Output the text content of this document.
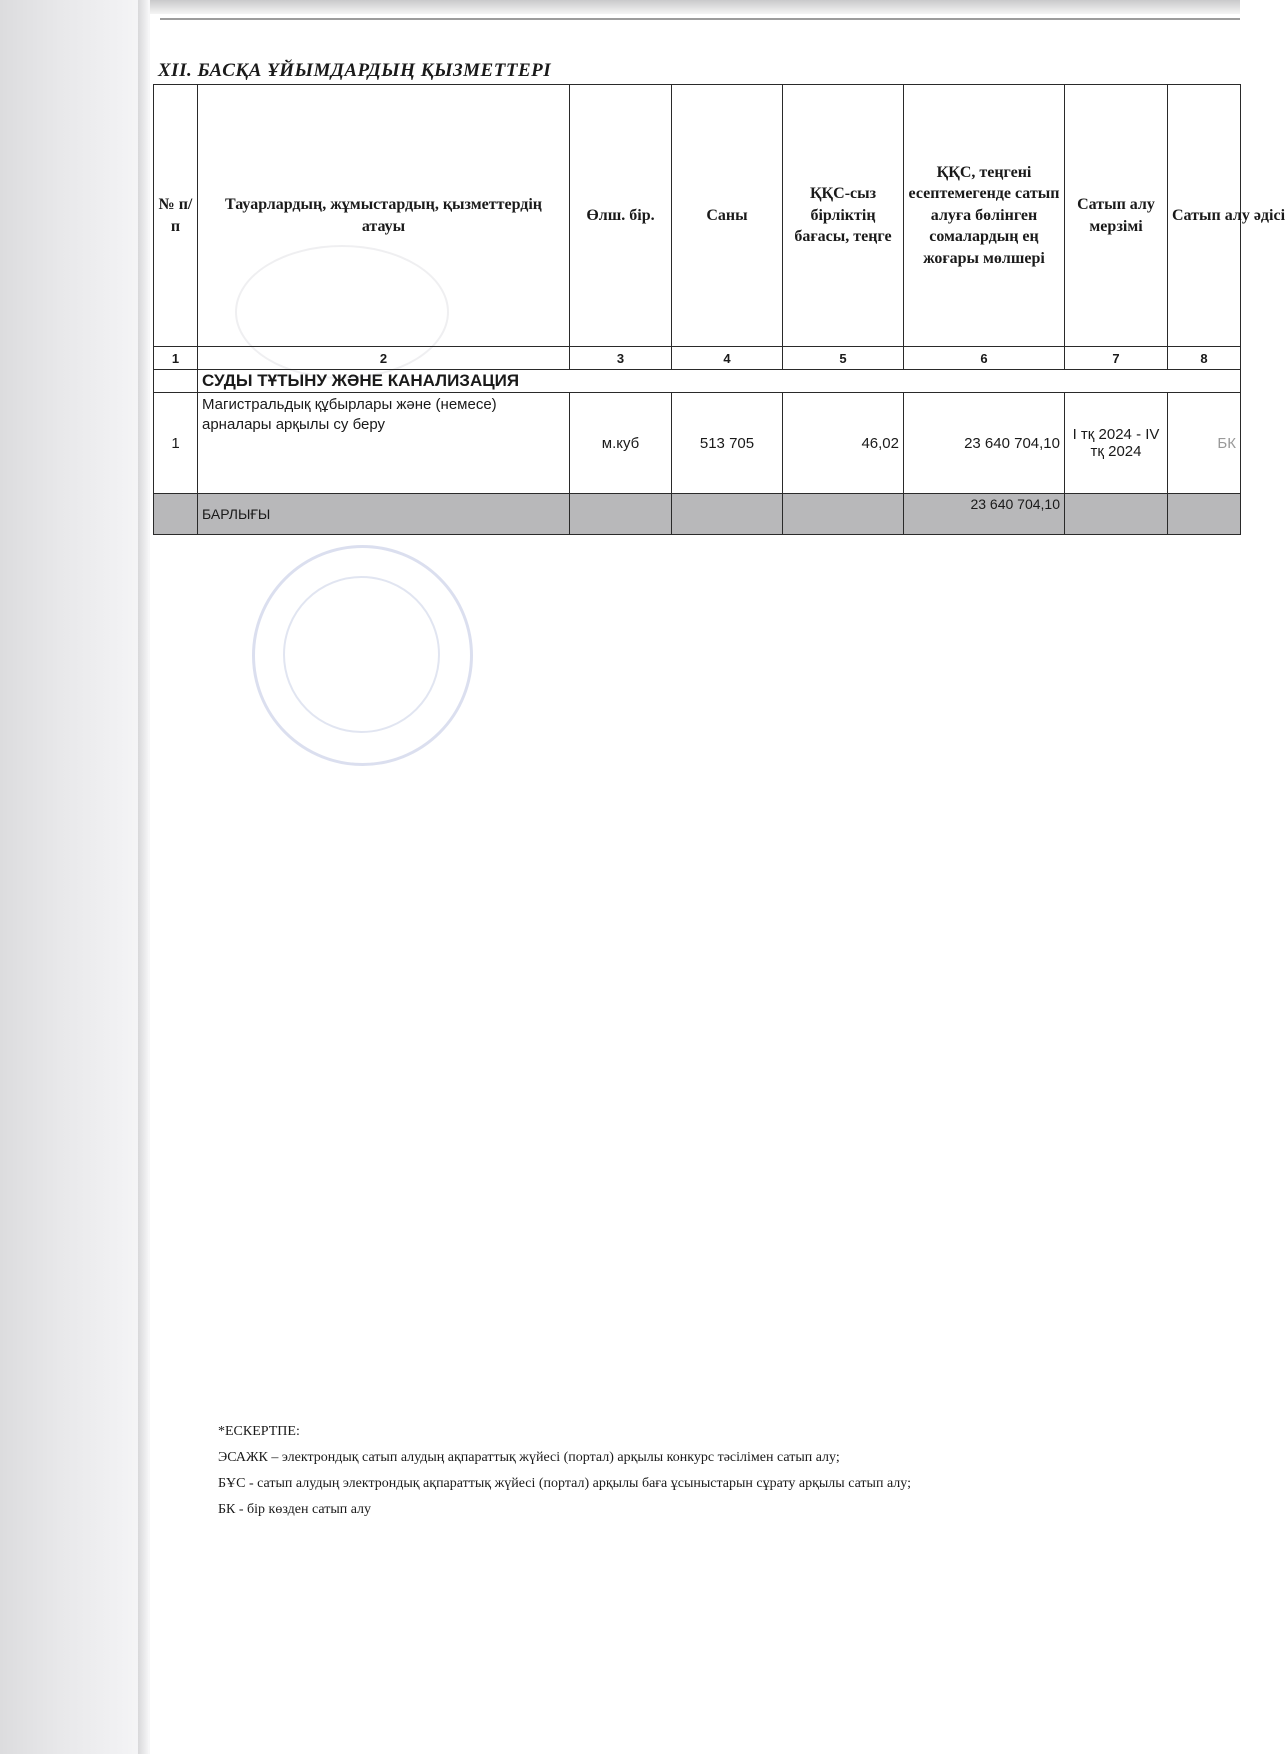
ХII. БАСҚА ҰЙЫМДАРДЫҢ ҚЫЗМЕТТЕРІ
№ п/п	Тауарлардың, жұмыстардың, қызметтердің атауы	Өлш. бір.	Саны	ҚҚС-сыз бірліктің бағасы, теңге	ҚҚС, теңгені есептемегенде сатып алуға бөлінген сомалардың ең жоғары мөлшері	Сатып алу мерзімі	Сатып алу әдісі
1	2	3	4	5	6	7	8
	СУДЫ ТҰТЫНУ ЖӘНЕ КАНАЛИЗАЦИЯ						
1	Магистральдық құбырлары және (немесе) арналары арқылы су беру	м.куб	513 705	46,02	23 640 704,10	I тқ 2024 - IV тқ 2024	БК
	БАРЛЫҒЫ				23 640 704,10		
*ЕСКЕРТПЕ:
ЭСАЖК – электрондық сатып алудың ақпараттық жүйесі (портал) арқылы конкурс тәсілімен сатып алу;
БҰС - сатып алудың электрондық ақпараттық жүйесі (портал) арқылы баға ұсыныстарын сұрату арқылы сатып алу;
БК - бір көзден сатып алу
